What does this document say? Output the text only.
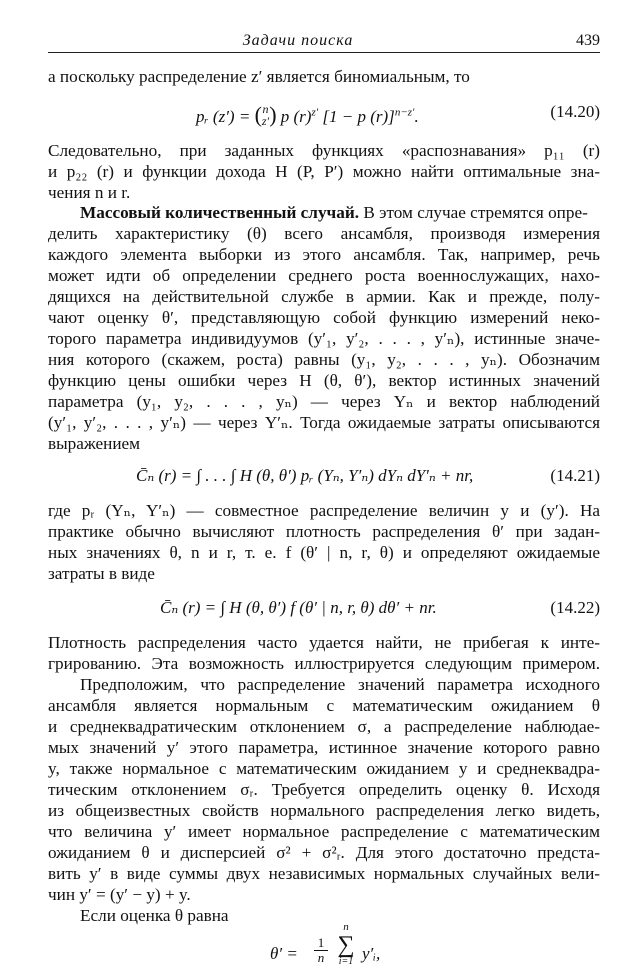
Задачи поиска	439
а поскольку распределение z′ является биномиальным, то
pᵣ (z′) = ( n
z′ ) p $(r)^{z'}$ [1 − p (r)]$^{n-z'}$.	(14.20)
Следовательно, при заданных функциях «распознавания» p₁₁ (r)
и p₂₂ (r) и функции дохода H (P, P′) можно найти оптимальные зна-
чения n и r.
Массовый количественный случай. В этом случае стремятся опре-
делить характеристику (θ) всего ансамбля, производя измерения
каждого элемента выборки из этого ансамбля. Так, например, речь
может идти об определении среднего роста военнослужащих, нахо-
дящихся на действительной службе в армии. Как и прежде, полу-
чают оценку θ′, представляющую собой функцию измерений неко-
торого параметра индивидуумов (y′₁, y′₂, . . . , y′ₙ), истинные значе-
ния которого (скажем, роста) равны (y₁, y₂, . . . , yₙ). Обозначим
функцию цены ошибки через H (θ, θ′), вектор истинных значений
параметра (y₁, y₂, . . . , yₙ) — через Yₙ и вектор наблюдений
(y′₁, y′₂, . . . , y′ₙ) — через Y′ₙ. Тогда ожидаемые затраты описываются
выражением
C̄ₙ (r) = ∫ . . . ∫ H (θ, θ′) pᵣ (Yₙ, Y′ₙ) dYₙ dY′ₙ + nr,	(14.21)
где pᵣ (Yₙ, Y′ₙ) — совместное распределение величин y и (y′). На
практике обычно вычисляют плотность распределения θ′ при задан-
ных значениях θ, n и r, т. е. f (θ′ | n, r, θ) и определяют ожидаемые
затраты в виде
C̄ₙ (r) = ∫ H (θ, θ′) f (θ′ | n, r, θ) dθ′ + nr.	(14.22)
Плотность распределения часто удается найти, не прибегая к интe-
грированию. Эта возможность иллюстрируется следующим примером.
Предположим, что распределение значений параметра исходного
ансамбля является нормальным с математическим ожиданием θ
и среднеквадратическим отклонением σ, а распределение наблюдае-
мых значений y′ этого параметра, истинное значение которого равно
y, также нормальное с математическим ожиданием y и среднеквадра-
тическим отклонением σᵣ. Требуется определить оценку θ. Исходя
из общеизвестных свойств нормального распределения легко видеть,
что величина y′ имеет нормальное распределение с математическим
ожиданием θ и дисперсией σ² + σ²ᵣ. Для этого достаточно предста-
вить y′ в виде суммы двух независимых нормальных случайных вели-
чин y′ = (y′ − y) + y.
Если оценка θ равна
$\theta' = \frac{1}{n}$
n
∑
i=1 y′ᵢ,
